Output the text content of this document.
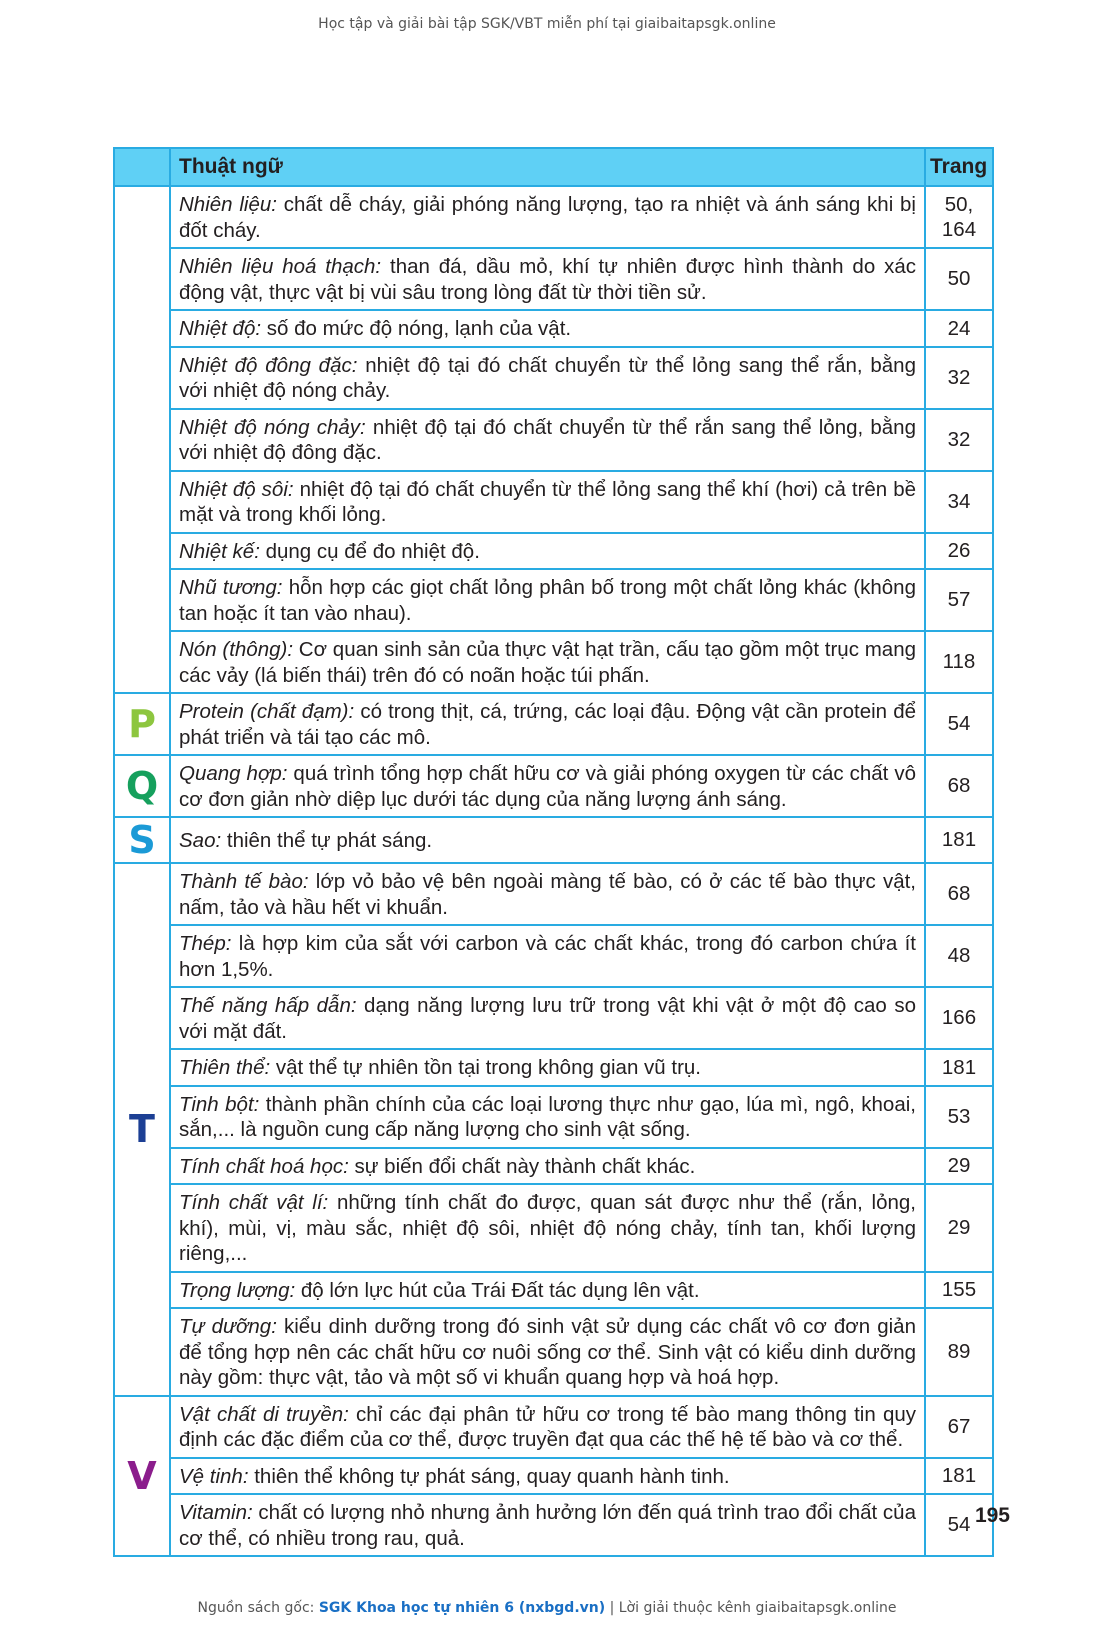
Học tập và giải bài tập SGK/VBT miễn phí tại giaibaitapsgk.online
	Thuật ngữ	Trang
	Nhiên liệu: chất dễ cháy, giải phóng năng lượng, tạo ra nhiệt và ánh sáng khi bị đốt cháy.	50,
164

	Nhiên liệu hoá thạch: than đá, dầu mỏ, khí tự nhiên được hình thành do xác động vật, thực vật bị vùi sâu trong lòng đất từ thời tiền sử.	50
	Nhiệt độ: số đo mức độ nóng, lạnh của vật.	24
	Nhiệt độ đông đặc: nhiệt độ tại đó chất chuyển từ thể lỏng sang thể rắn, bằng với nhiệt độ nóng chảy.	32
	Nhiệt độ nóng chảy: nhiệt độ tại đó chất chuyển từ thể rắn sang thể lỏng, bằng với nhiệt độ đông đặc.	32
	Nhiệt độ sôi: nhiệt độ tại đó chất chuyển từ thể lỏng sang thể khí (hơi) cả trên bề mặt và trong khối lỏng.	34
	Nhiệt kế: dụng cụ để đo nhiệt độ.	26
	Nhũ tương: hỗn hợp các giọt chất lỏng phân bố trong một chất lỏng khác (không tan hoặc ít tan vào nhau).	57
	Nón (thông): Cơ quan sinh sản của thực vật hạt trần, cấu tạo gồm một trục mang các vảy (lá biến thái) trên đó có noãn hoặc túi phấn.	118
P	Protein (chất đạm): có trong thịt, cá, trứng, các loại đậu. Động vật cần protein để phát triển và tái tạo các mô.	54
Q	Quang hợp: quá trình tổng hợp chất hữu cơ và giải phóng oxygen từ các chất vô cơ đơn giản nhờ diệp lục dưới tác dụng của năng lượng ánh sáng.	68
S	Sao: thiên thể tự phát sáng.	181
T	Thành tế bào: lớp vỏ bảo vệ bên ngoài màng tế bào, có ở các tế bào thực vật, nấm, tảo và hầu hết vi khuẩn.	68
	Thép: là hợp kim của sắt với carbon và các chất khác, trong đó carbon chứa ít hơn 1,5%.	48
	Thế năng hấp dẫn: dạng năng lượng lưu trữ trong vật khi vật ở một độ cao so với mặt đất.	166
	Thiên thể: vật thể tự nhiên tồn tại trong không gian vũ trụ.	181
	Tinh bột: thành phần chính của các loại lương thực như gạo, lúa mì, ngô, khoai, sắn,... là nguồn cung cấp năng lượng cho sinh vật sống.	53
	Tính chất hoá học: sự biến đổi chất này thành chất khác.	29
	Tính chất vật lí: những tính chất đo được, quan sát được như thể (rắn, lỏng, khí), mùi, vị, màu sắc, nhiệt độ sôi, nhiệt độ nóng chảy, tính tan, khối lượng riêng,...	29
	Trọng lượng: độ lớn lực hút của Trái Đất tác dụng lên vật.	155
	Tự dưỡng: kiểu dinh dưỡng trong đó sinh vật sử dụng các chất vô cơ đơn giản để tổng hợp nên các chất hữu cơ nuôi sống cơ thể. Sinh vật có kiểu dinh dưỡng này gồm: thực vật, tảo và một số vi khuẩn quang hợp và hoá hợp.	89
V	Vật chất di truyền: chỉ các đại phân tử hữu cơ trong tế bào mang thông tin quy định các đặc điểm của cơ thể, được truyền đạt qua các thế hệ tế bào và cơ thể.	67
	Vệ tinh: thiên thể không tự phát sáng, quay quanh hành tinh.	181
	Vitamin: chất có lượng nhỏ nhưng ảnh hưởng lớn đến quá trình trao đổi chất của cơ thể, có nhiều trong rau, quả.	54 195
Nguồn sách gốc: SGK Khoa học tự nhiên 6 (nxbgd.vn) | Lời giải thuộc kênh giaibaitapsgk.online
